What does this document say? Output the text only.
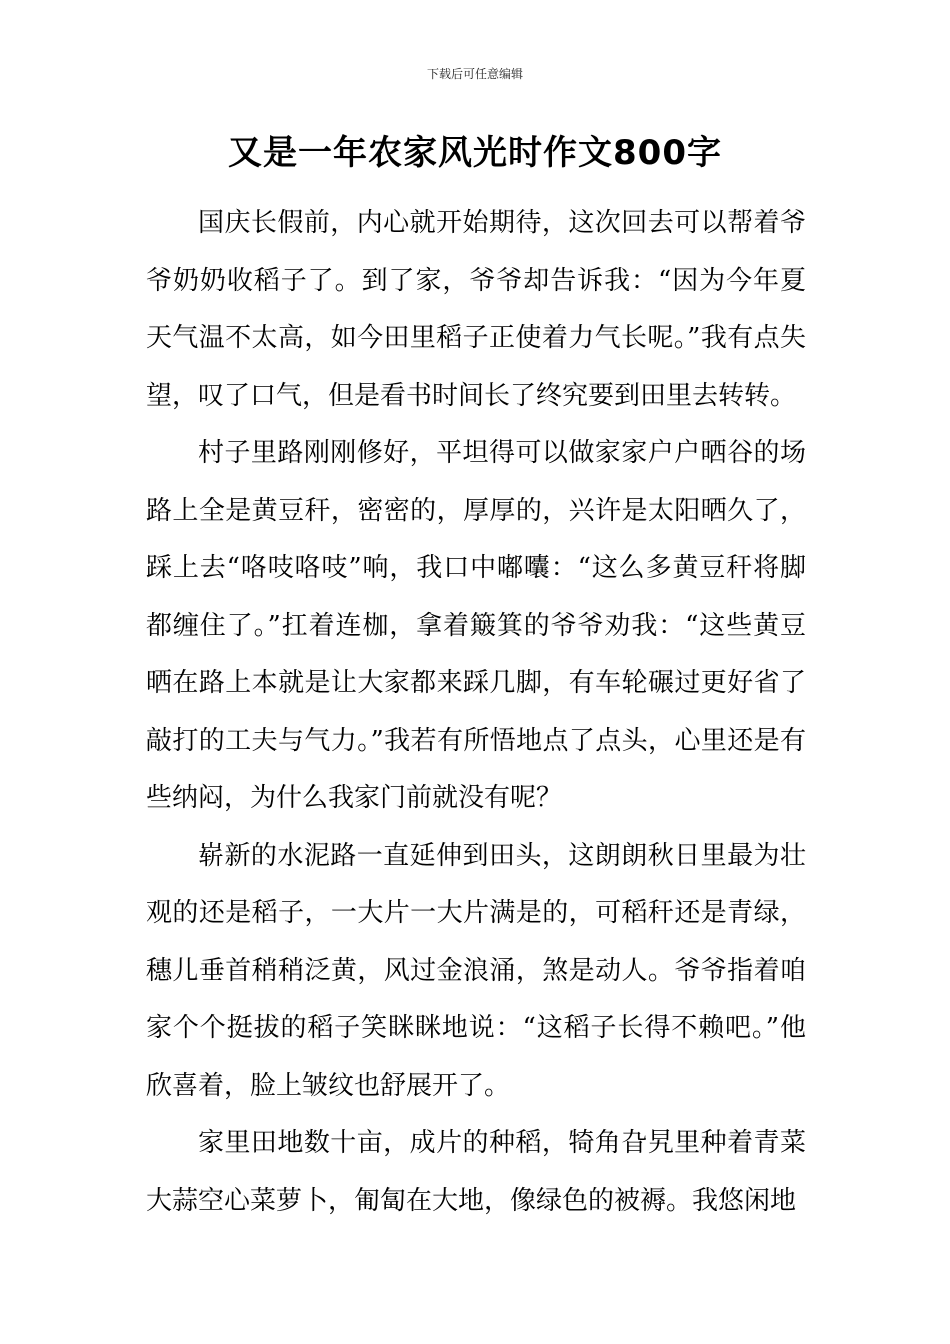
下载后可任意编辑
又是一年农家风光时作文800字

国庆长假前，内心就开始期待，这次回去可以帮着爷爷奶奶收稻子了。到了家，爷爷却告诉我：“因为今年夏天气温不太高，如今田里稻子正使着力气长呢。”我有点失望，叹了口气，但是看书时间长了终究要到田里去转转。

村子里路刚刚修好，平坦得可以做家家户户晒谷的场路上全是黄豆秆，密密的，厚厚的，兴许是太阳晒久了，踩上去“咯吱咯吱”响，我口中嘟囔：“这么多黄豆秆将脚都缠住了。”扛着连枷，拿着簸箕的爷爷劝我：“这些黄豆晒在路上本就是让大家都来踩几脚，有车轮碾过更好省了敲打的工夫与气力。”我若有所悟地点了点头，心里还是有些纳闷，为什么我家门前就没有呢？

崭新的水泥路一直延伸到田头，这朗朗秋日里最为壮观的还是稻子，一大片一大片满是的，可稻秆还是青绿，穗儿垂首稍稍泛黄，风过金浪涌，煞是动人。爷爷指着咱家个个挺拔的稻子笑眯眯地说：“这稻子长得不赖吧。”他欣喜着，脸上皱纹也舒展开了。

家里田地数十亩，成片的种稻，犄角旮旯里种着青菜大蒜空心菜萝卜，匍匐在大地，像绿色的被褥。我悠闲地
